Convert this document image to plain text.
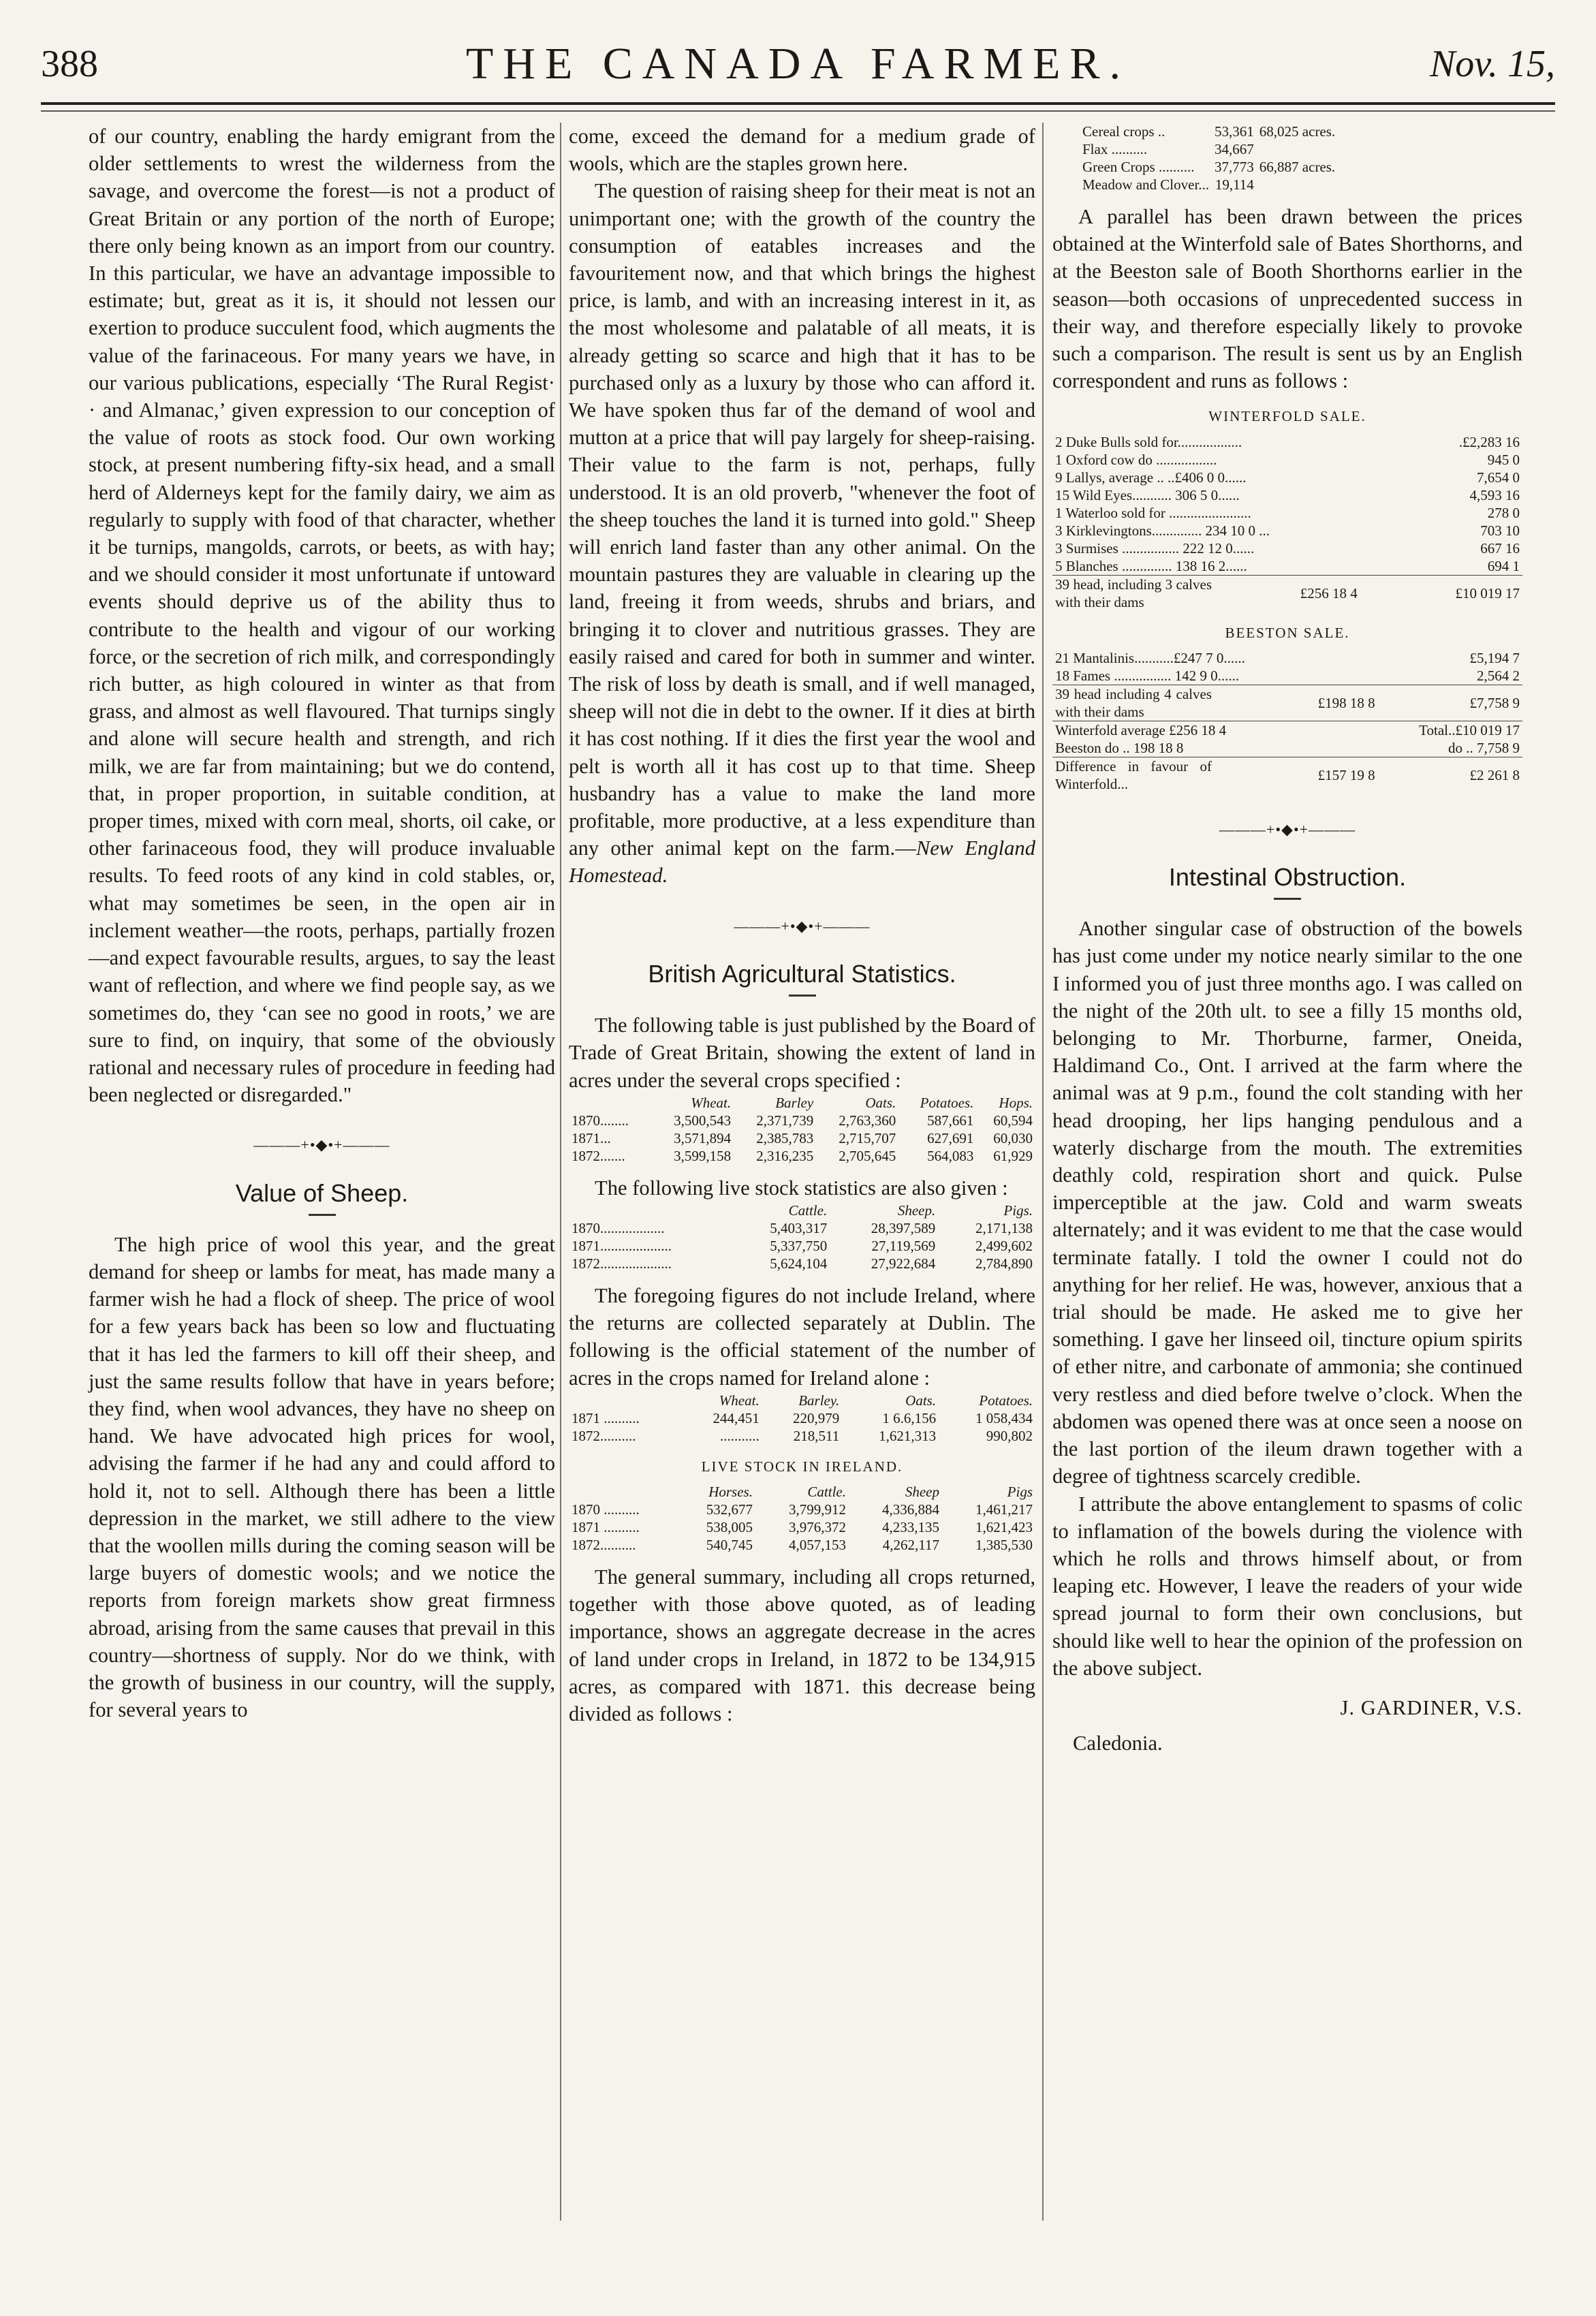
388	THE CANADA FARMER.	Nov. 15,

of our country, enabling the hardy emigrant from the older settlements to wrest the wilderness from the savage, and overcome the forest—is not a product of Great Britain or any portion of the north of Europe; there only being known as an import from our country. In this particular, we have an advantage impossible to estimate; but, great as it is, it should not lessen our exertion to produce succulent food, which augments the value of the farinaceous. For many years we have, in our various publications, especially ‘The Rural Regist· · and Almanac,’ given expression to our conception of the value of roots as stock food. Our own working stock, at present numbering fifty-six head, and a small herd of Alderneys kept for the family dairy, we aim as regularly to supply with food of that character, whether it be turnips, mangolds, carrots, or beets, as with hay; and we should consider it most unfortunate if untoward events should deprive us of the ability thus to contribute to the health and vigour of our working force, or the secretion of rich milk, and correspondingly rich butter, as high coloured in winter as that from grass, and almost as well flavoured. That turnips singly and alone will secure health and strength, and rich milk, we are far from maintaining; but we do contend, that, in proper proportion, in suitable condition, at proper times, mixed with corn meal, shorts, oil cake, or other farinaceous food, they will produce invaluable results. To feed roots of any kind in cold stables, or, what may sometimes be seen, in the open air in inclement weather—the roots, perhaps, partially frozen—and expect favourable results, argues, to say the least want of reflection, and where we find people say, as we sometimes do, they ‘can see no good in roots,’ we are sure to find, on inquiry, that some of the obviously rational and necessary rules of procedure in feeding had been neglected or disregarded."

———+•◆•+———
Value of Sheep.

The high price of wool this year, and the great demand for sheep or lambs for meat, has made many a farmer wish he had a flock of sheep. The price of wool for a few years back has been so low and fluctuating that it has led the farmers to kill off their sheep, and just the same results follow that have in years before; they find, when wool advances, they have no sheep on hand. We have advocated high prices for wool, advising the farmer if he had any and could afford to hold it, not to sell. Although there has been a little depression in the market, we still adhere to the view that the woollen mills during the coming season will be large buyers of domestic wools; and we notice the reports from foreign markets show great firmness abroad, arising from the same causes that prevail in this country—shortness of supply. Nor do we think, with the growth of business in our country, will the supply, for several years to

come, exceed the demand for a medium grade of wools, which are the staples grown here.

The question of raising sheep for their meat is not an unimportant one; with the growth of the country the consumption of eatables increases and the favouritement now, and that which brings the highest price, is lamb, and with an increasing interest in it, as the most wholesome and palatable of all meats, it is already getting so scarce and high that it has to be purchased only as a luxury by those who can afford it. We have spoken thus far of the demand of wool and mutton at a price that will pay largely for sheep-raising. Their value to the farm is not, perhaps, fully understood. It is an old proverb, "whenever the foot of the sheep touches the land it is turned into gold." Sheep will enrich land faster than any other animal. On the mountain pastures they are valuable in clearing up the land, freeing it from weeds, shrubs and briars, and bringing it to clover and nutritious grasses. They are easily raised and cared for both in summer and winter. The risk of loss by death is small, and if well managed, sheep will not die in debt to the owner. If it dies at birth it has cost nothing. If it dies the first year the wool and pelt is worth all it has cost up to that time. Sheep husbandry has a value to make the land more profitable, more productive, at a less expenditure than any other animal kept on the farm.—New England Homestead.

———+•◆•+———
British Agricultural Statistics.

The following table is just published by the Board of Trade of Great Britain, showing the extent of land in acres under the several crops specified :

	Wheat.	Barley	Oats.	Potatoes.	Hops.
1870........	3,500,543	2,371,739	2,763,360	587,661	60,594
1871...	3,571,894	2,385,783	2,715,707	627,691	60,030
1872.......	3,599,158	2,316,235	2,705,645	564,083	61,929

The following live stock statistics are also given :

	Cattle.	Sheep.	Pigs.
1870..................	5,403,317	28,397,589	2,171,138
1871....................	5,337,750	27,119,569	2,499,602
1872....................	5,624,104	27,922,684	2,784,890

The foregoing figures do not include Ireland, where the returns are collected separately at Dublin. The following is the official statement of the number of acres in the crops named for Ireland alone :

	Wheat.	Barley.	Oats.	Potatoes.
1871 ..........	244,451	220,979	1 6.6,156	1 058,434
1872..........	...........	218,511	1,621,313	990,802
LIVE STOCK IN IRELAND.
	Horses.	Cattle.	Sheep	Pigs
1870 ..........	532,677	3,799,912	4,336,884	1,461,217
1871 ..........	538,005	3,976,372	4,233,135	1,621,423
1872..........	540,745	4,057,153	4,262,117	1,385,530

The general summary, including all crops returned, together with those above quoted, as of leading importance, shows an aggregate decrease in the acres of land under crops in Ireland, in 1872 to be 134,915 acres, as compared with 1871. this decrease being divided as follows :

Cereal crops ..	53,361	68,025 acres.
Flax ..........	34,667	
Green Crops ..........	37,773	66,887 acres.
Meadow and Clover...	19,114	

A parallel has been drawn between the prices obtained at the Winterfold sale of Bates Shorthorns, and at the Beeston sale of Booth Shorthorns earlier in the season—both occasions of unprecedented success in their way, and therefore especially likely to provoke such a comparison. The result is sent us by an English correspondent and runs as follows :

WINTERFOLD SALE.
2 Duke Bulls sold for..................	.£2,283 16
1 Oxford cow do .................	945 0
9 Lallys, average .. ..£406 0 0......	7,654 0
15 Wild Eyes........... 306 5 0......	4,593 16
1 Waterloo sold for .......................	278 0
3 Kirklevingtons.............. 234 10 0 ...	703 10
3 Surmises ................ 222 12 0......	667 16
5 Blanches .............. 138 16 2......	694 1
39 head, including 3 calves with their dams	£256 18 4	£10 019 17
BEESTON SALE.
21 Mantalinis...........£247 7 0......	£5,194 7
18 Fames ................ 142 9 0......	2,564 2
39 head including 4 calves with their dams	£198 18 8	£7,758 9
Winterfold average £256 18 4	Total..£10 019 17
Beeston do .. 198 18 8	do .. 7,758 9
Difference in favour of Winterfold...	£157 19 8	£2 261 8
———+•◆•+———
Intestinal Obstruction.

Another singular case of obstruction of the bowels has just come under my notice nearly similar to the one I informed you of just three months ago. I was called on the night of the 20th ult. to see a filly 15 months old, belonging to Mr. Thorburne, farmer, Oneida, Haldimand Co., Ont. I arrived at the farm where the animal was at 9 p.m., found the colt standing with her head drooping, her lips hanging pendulous and a waterly discharge from the mouth. The extremities deathly cold, respiration short and quick. Pulse imperceptible at the jaw. Cold and warm sweats alternately; and it was evident to me that the case would terminate fatally. I told the owner I could not do anything for her relief. He was, however, anxious that a trial should be made. He asked me to give her something. I gave her linseed oil, tincture opium spirits of ether nitre, and carbonate of ammonia; she continued very restless and died before twelve o’clock. When the abdomen was opened there was at once seen a noose on the last portion of the ileum drawn together with a degree of tightness scarcely credible.

I attribute the above entanglement to spasms of colic to inflamation of the bowels during the violence with which he rolls and throws himself about, or from leaping etc. However, I leave the readers of your wide spread journal to form their own conclusions, but should like well to hear the opinion of the profession on the above subject.

J. GARDINER, V.S.
Caledonia.
